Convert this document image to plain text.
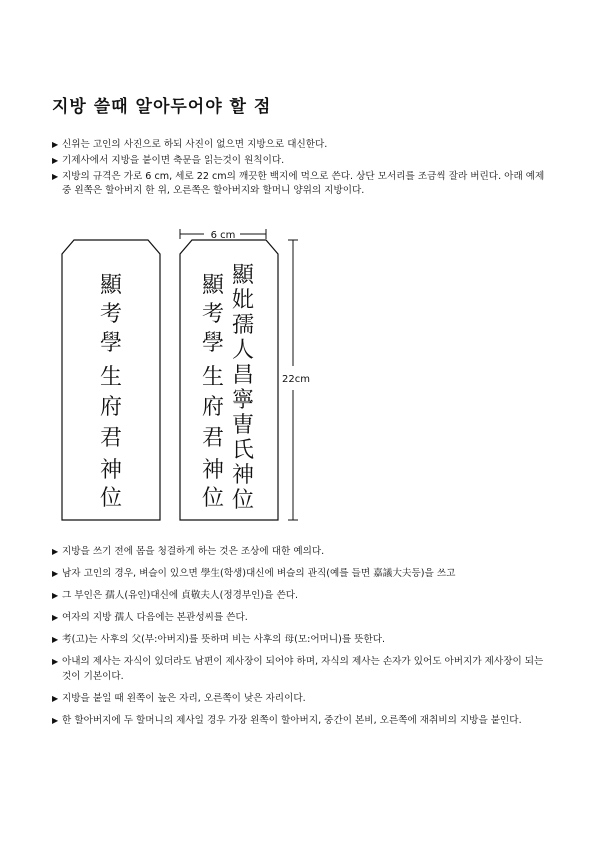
지방 쓸때 알아두어야 할 점
▶ 신위는 고인의 사진으로 하되 사진이 없으면 지방으로 대신한다.
▶ 기제사에서 지방을 붙이면 축문을 읽는것이 원칙이다.
▶ 지방의 규격은 가로 6 cm, 세로 22 cm의 깨끗한 백지에 먹으로 쓴다. 상단 모서리를 조금씩 잘라 버린다. 아래 예제중 왼쪽은 할아버지 한 위, 오른쪽은 할아버지와 할머니 양위의 지방이다.
6 cm
22cm
顯
考
學
生
府
君
神
位
顯
考
學
生
府
君
神
位
顯
妣
孺
人
昌
寧
曺
氏
神
位
▶ 지방을 쓰기 전에 몸을 청결하게 하는 것은 조상에 대한 예의다.
▶ 남자 고인의 경우, 벼슬이 있으면 學生(학생)대신에 벼슬의 관직(예를 들면 嘉議大夫등)을 쓰고
▶ 그 부인은 孺人(유인)대신에 貞敬夫人(정경부인)을 쓴다.
▶ 여자의 지방 孺人 다음에는 본관성씨를 쓴다.
▶ 考(고)는 사후의 父(부:아버지)를 뜻하며 비는 사후의 母(모:어머니)를 뜻한다.
▶ 아내의 제사는 자식이 있더라도 남편이 제사장이 되어야 하며, 자식의 제사는 손자가 있어도 아버지가 제사장이 되는것이 기본이다.
▶ 지방을 붙일 때 왼쪽이 높은 자리, 오른쪽이 낮은 자리이다.
▶ 한 할아버지에 두 할머니의 제사일 경우 가장 왼쪽이 할아버지, 중간이 본비, 오른쪽에 재취비의 지방을 붙인다.
